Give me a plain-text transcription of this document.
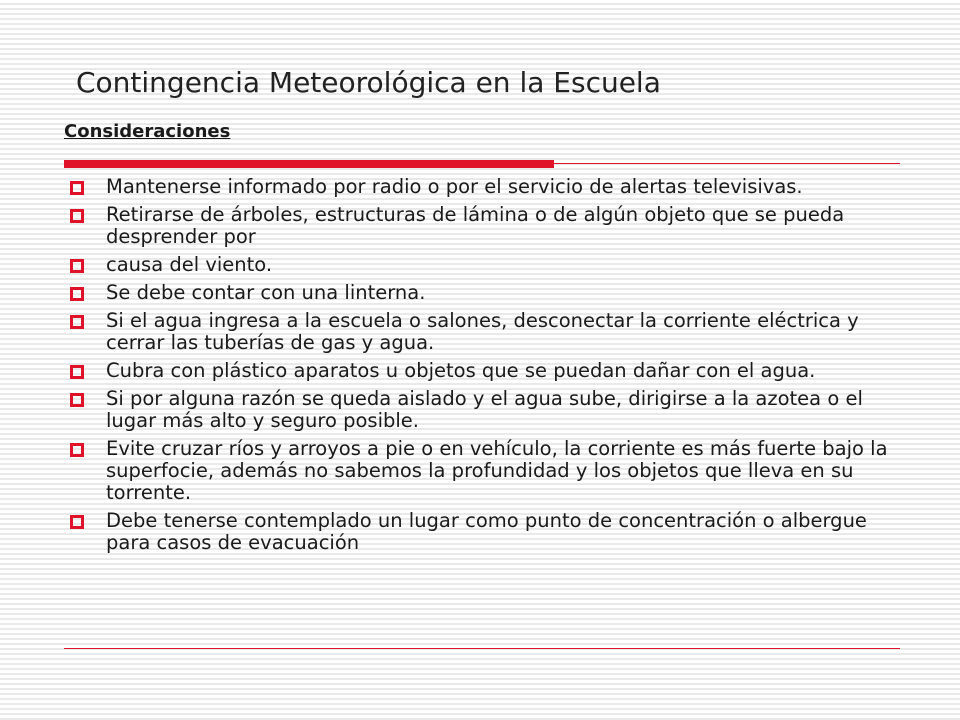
Contingencia Meteorológica en la Escuela
Consideraciones
Mantenerse informado por radio o por el servicio de alertas televisivas.
Retirarse de árboles, estructuras de lámina o de algún objeto que se pueda desprender por
causa del viento.
Se debe contar con una linterna.
Si el agua ingresa a la escuela o salones, desconectar la corriente eléctrica y cerrar las tuberías de gas y agua.
Cubra con plástico aparatos u objetos que se puedan dañar con el agua.
Si por alguna razón se queda aislado y el agua sube, dirigirse a la azotea o el lugar más alto y seguro posible.
Evite cruzar ríos y arroyos a pie o en vehículo, la corriente es más fuerte bajo la superfocie, además no sabemos la profundidad y los objetos que lleva en su torrente.
Debe tenerse contemplado un lugar como punto de concentración o albergue para casos de evacuación
